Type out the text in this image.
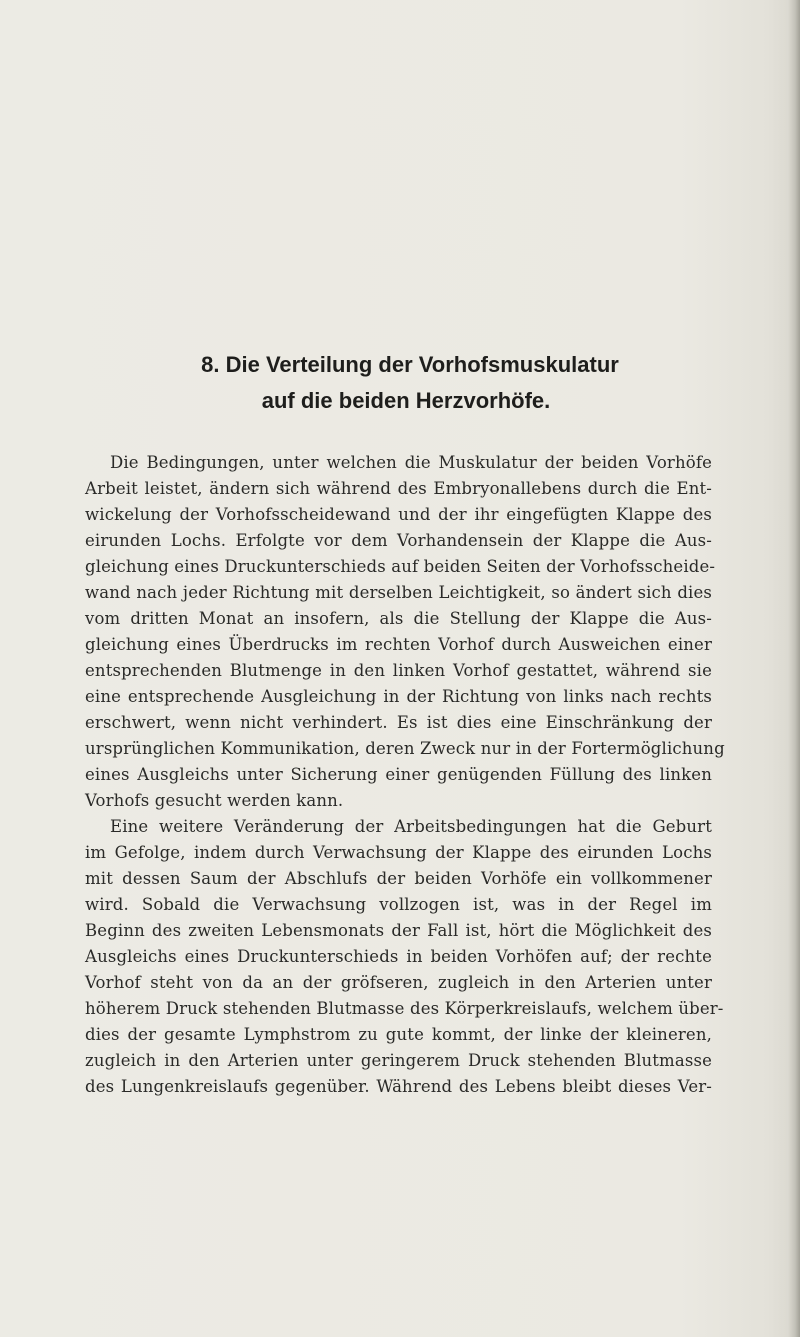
8. Die Verteilung der Vorhofsmuskulatur
auf die beiden Herzvorhöfe.
Die Bedingungen, unter welchen die Muskulatur der beiden Vorhöfe
Arbeit leistet, ändern sich während des Embryonallebens durch die Ent-
wickelung der Vorhofsscheidewand und der ihr eingefügten Klappe des
eirunden Lochs. Erfolgte vor dem Vorhandensein der Klappe die Aus-
gleichung eines Druckunterschieds auf beiden Seiten der Vorhofsscheide-
wand nach jeder Richtung mit derselben Leichtigkeit, so ändert sich dies
vom dritten Monat an insofern, als die Stellung der Klappe die Aus-
gleichung eines Überdrucks im rechten Vorhof durch Ausweichen einer
entsprechenden Blutmenge in den linken Vorhof gestattet, während sie
eine entsprechende Ausgleichung in der Richtung von links nach rechts
erschwert, wenn nicht verhindert. Es ist dies eine Einschränkung der
ursprünglichen Kommunikation, deren Zweck nur in der Fortermöglichung
eines Ausgleichs unter Sicherung einer genügenden Füllung des linken
Vorhofs gesucht werden kann.
Eine weitere Veränderung der Arbeitsbedingungen hat die Geburt
im Gefolge, indem durch Verwachsung der Klappe des eirunden Lochs
mit dessen Saum der Abschlufs der beiden Vorhöfe ein vollkommener
wird. Sobald die Verwachsung vollzogen ist, was in der Regel im
Beginn des zweiten Lebensmonats der Fall ist, hört die Möglichkeit des
Ausgleichs eines Druckunterschieds in beiden Vorhöfen auf; der rechte
Vorhof steht von da an der gröfseren, zugleich in den Arterien unter
höherem Druck stehenden Blutmasse des Körperkreislaufs, welchem über-
dies der gesamte Lymphstrom zu gute kommt, der linke der kleineren,
zugleich in den Arterien unter geringerem Druck stehenden Blutmasse
des Lungenkreislaufs gegenüber. Während des Lebens bleibt dieses Ver-
